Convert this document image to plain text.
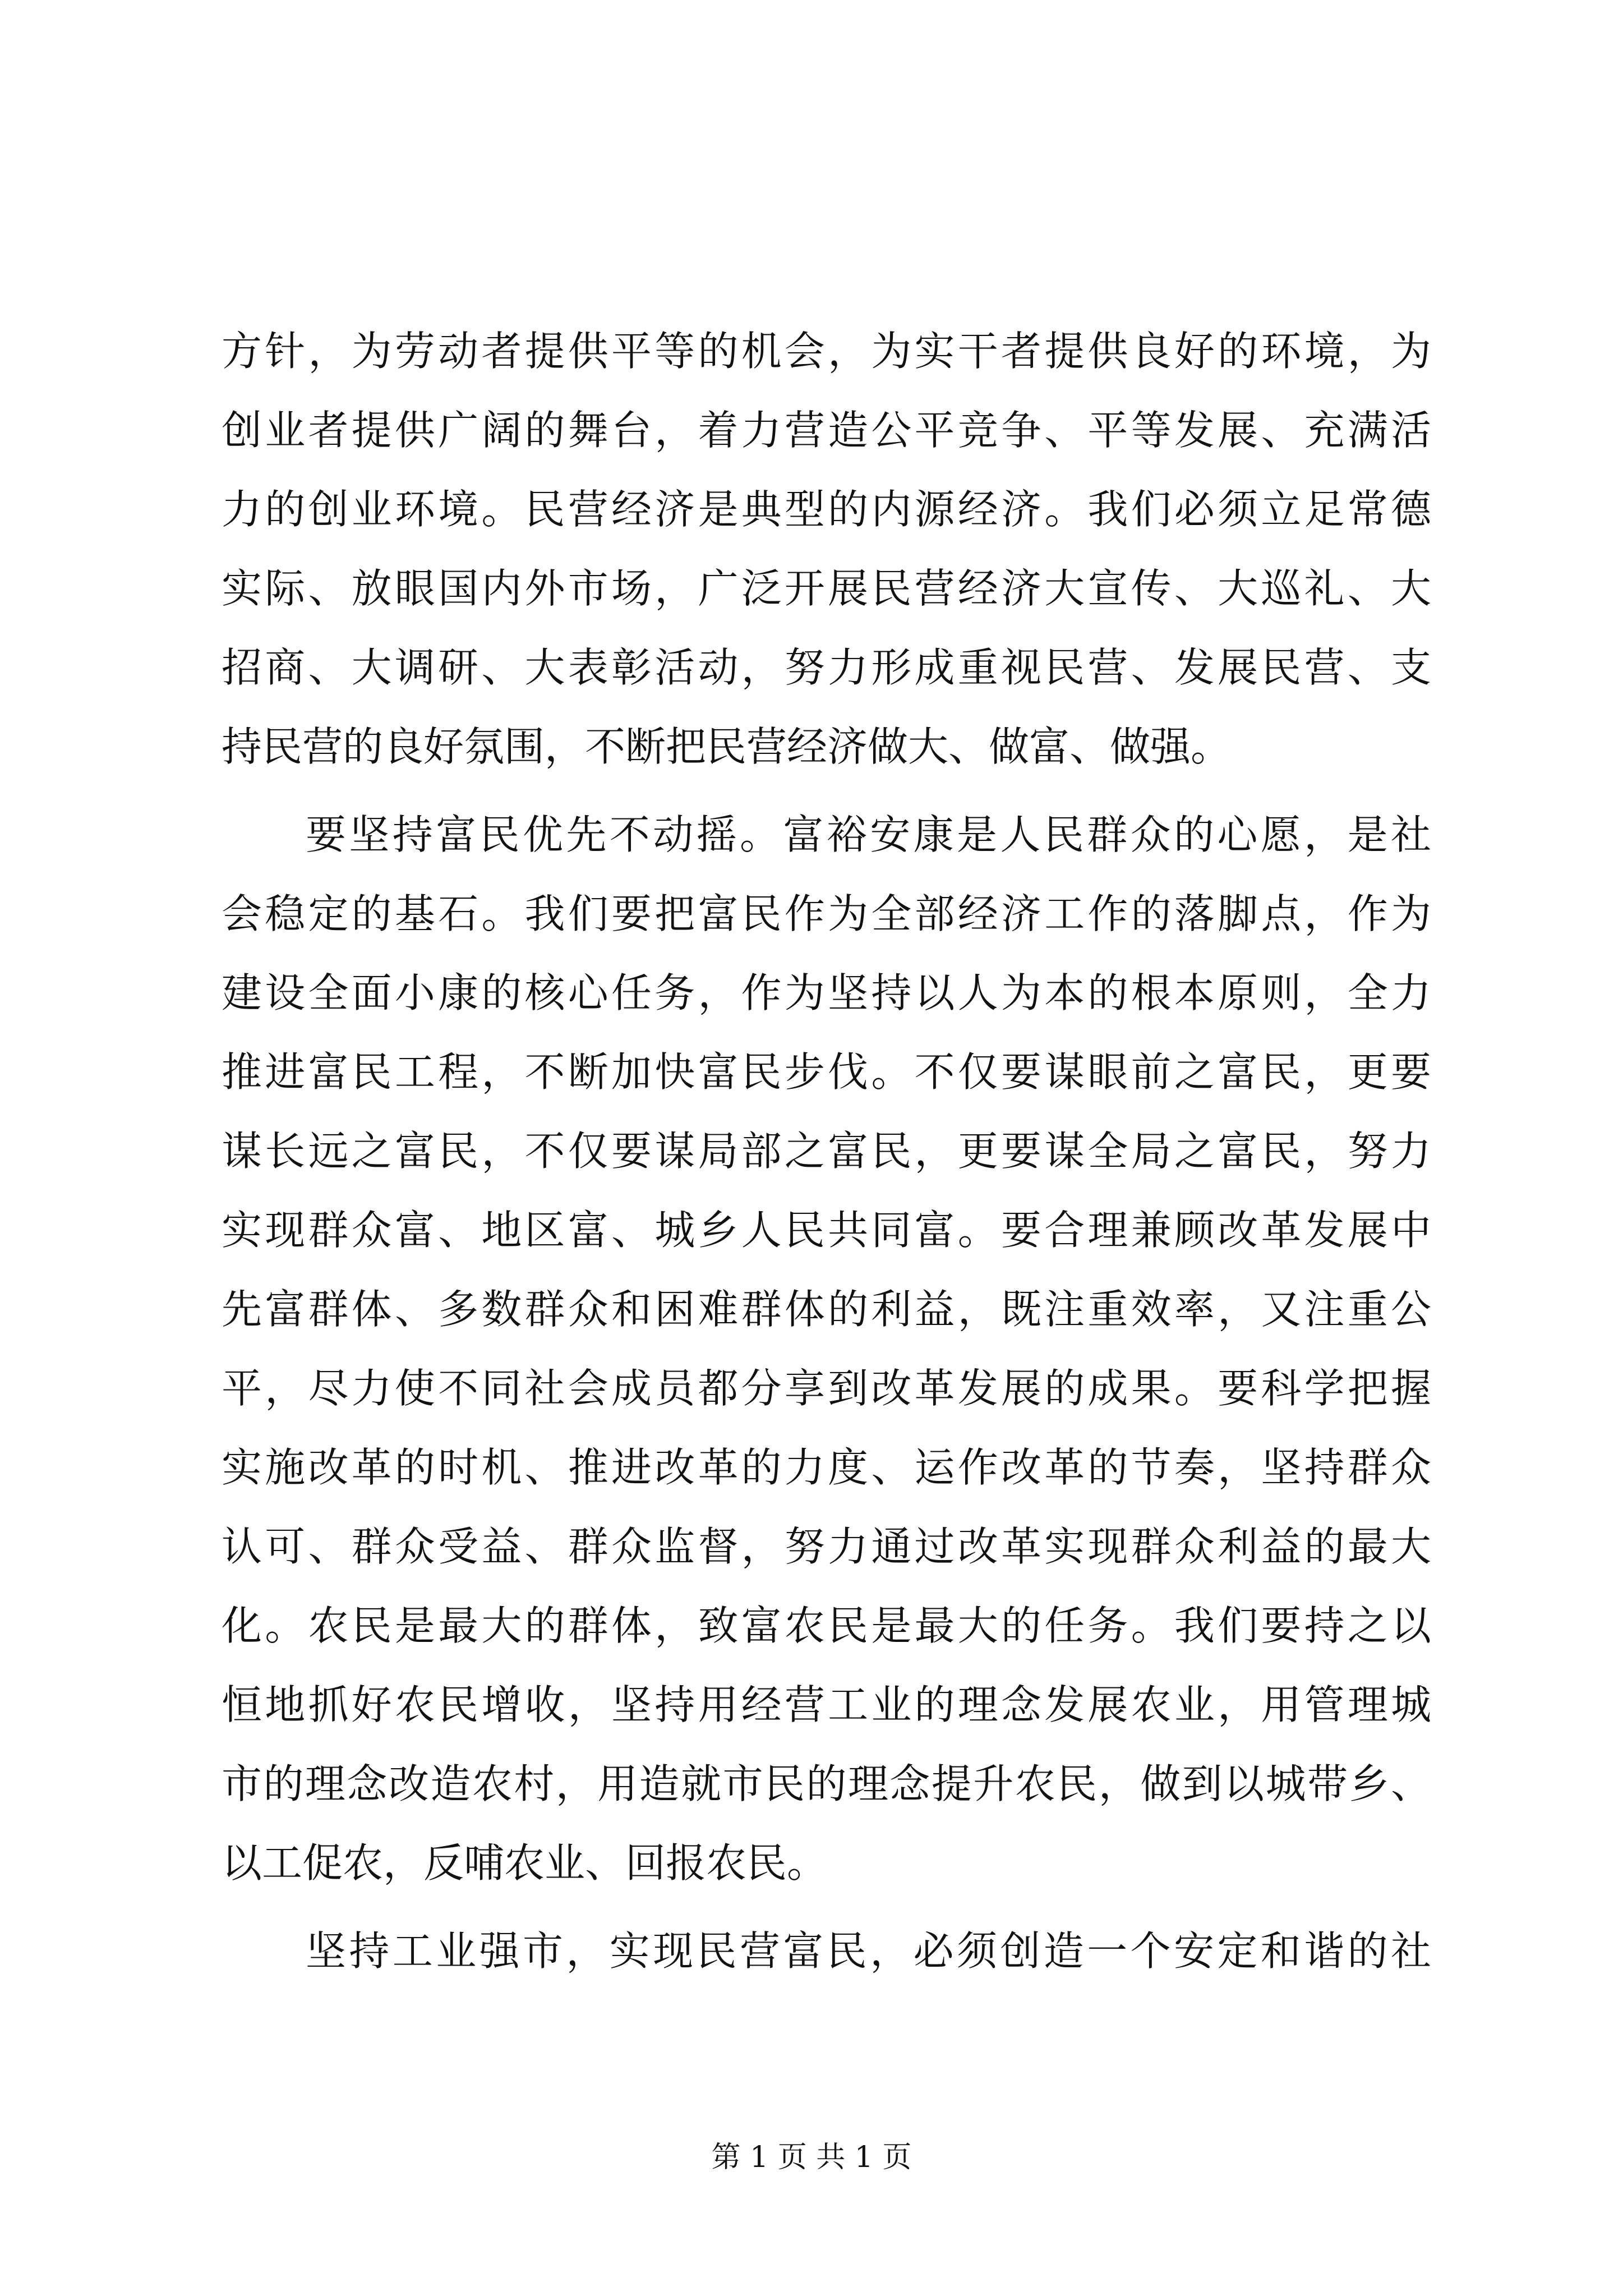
方针，为劳动者提供平等的机会，为实干者提供良好的环境，为
创业者提供广阔的舞台，着力营造公平竞争、平等发展、充满活
力的创业环境。民营经济是典型的内源经济。我们必须立足常德
实际、放眼国内外市场，广泛开展民营经济大宣传、大巡礼、大
招商、大调研、大表彰活动，努力形成重视民营、发展民营、支
持民营的良好氛围，不断把民营经济做大、做富、做强。
要坚持富民优先不动摇。富裕安康是人民群众的心愿，是社
会稳定的基石。我们要把富民作为全部经济工作的落脚点，作为
建设全面小康的核心任务，作为坚持以人为本的根本原则，全力
推进富民工程，不断加快富民步伐。不仅要谋眼前之富民，更要
谋长远之富民，不仅要谋局部之富民，更要谋全局之富民，努力
实现群众富、地区富、城乡人民共同富。要合理兼顾改革发展中
先富群体、多数群众和困难群体的利益，既注重效率，又注重公
平，尽力使不同社会成员都分享到改革发展的成果。要科学把握
实施改革的时机、推进改革的力度、运作改革的节奏，坚持群众
认可、群众受益、群众监督，努力通过改革实现群众利益的最大
化。农民是最大的群体，致富农民是最大的任务。我们要持之以
恒地抓好农民增收，坚持用经营工业的理念发展农业，用管理城
市的理念改造农村，用造就市民的理念提升农民，做到以城带乡、
以工促农，反哺农业、回报农民。
坚持工业强市，实现民营富民，必须创造一个安定和谐的社
第 1 页 共 1 页
